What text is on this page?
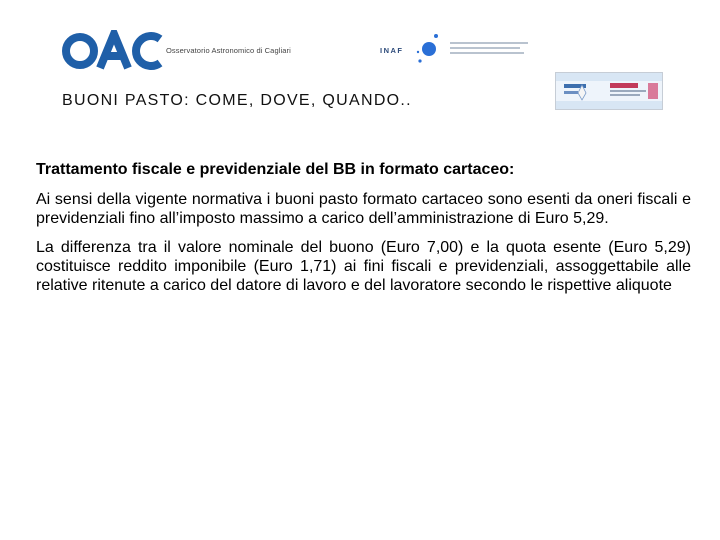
Osservatorio Astronomico di Cagliari	INAF
BUONI PASTO: COME, DOVE, QUANDO..
Trattamento fiscale e previdenziale del BB in formato cartaceo:

Ai sensi della vigente normativa i buoni pasto formato cartaceo sono esenti da oneri fiscali e previdenziali fino all’imposto massimo a carico dell’amministrazione di Euro 5,29.

La differenza tra il valore nominale del buono (Euro 7,00) e la quota esente (Euro 5,29) costituisce reddito imponibile (Euro 1,71) ai fini fiscali e previdenziali, assoggettabile alle relative ritenute a carico del datore di lavoro e del lavoratore secondo le rispettive aliquote
